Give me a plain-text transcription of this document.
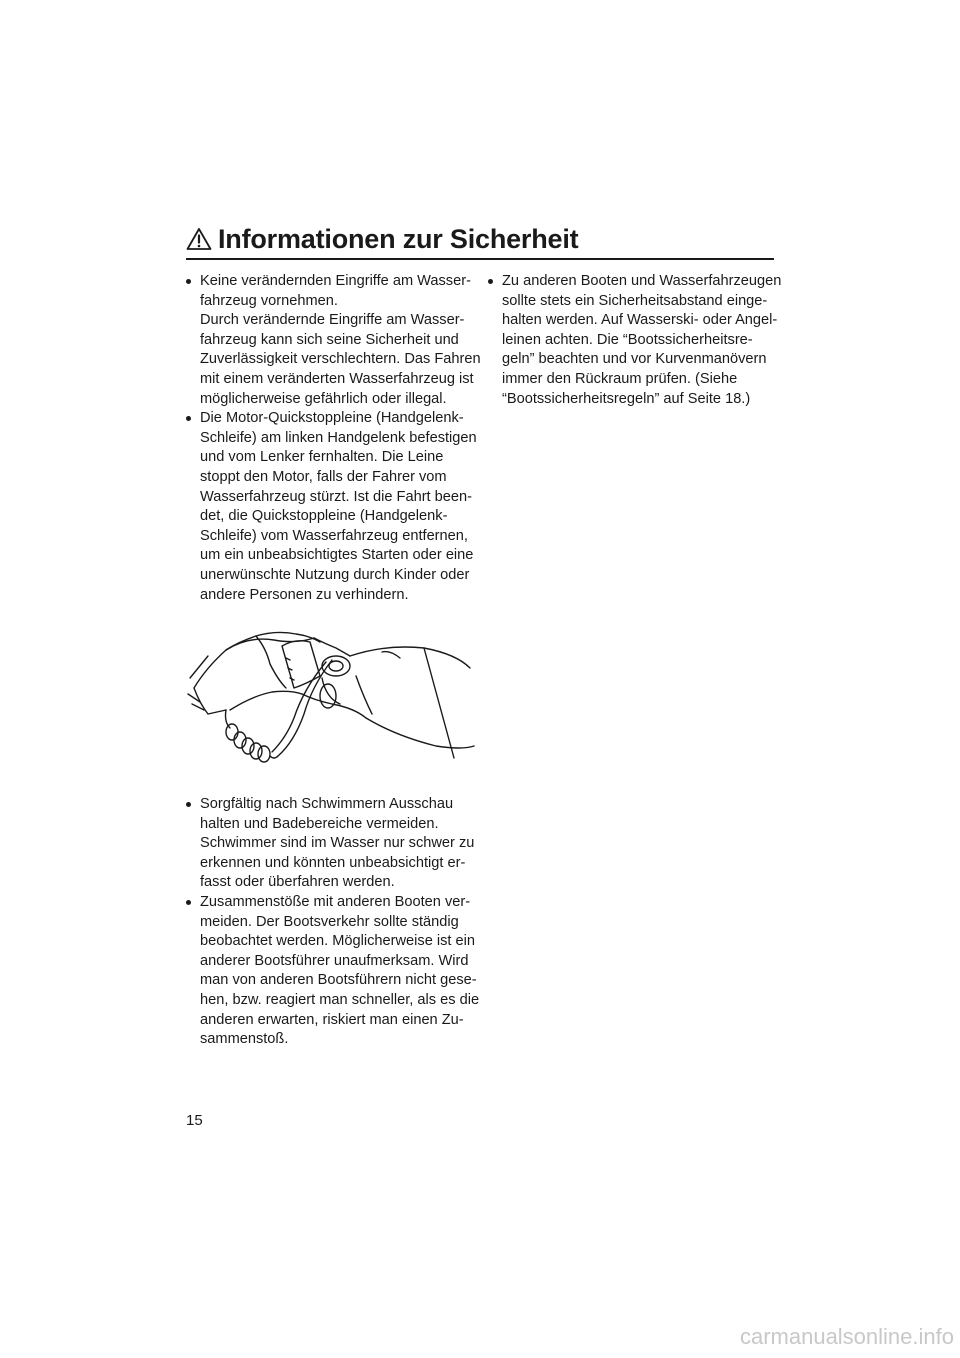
Informationen zur Sicherheit
Keine verändernden Eingriffe am Wasser-
fahrzeug vornehmen.
Durch verändernde Eingriffe am Wasser-
fahrzeug kann sich seine Sicherheit und
Zuverlässigkeit verschlechtern. Das Fahren
mit einem veränderten Wasserfahrzeug ist
möglicherweise gefährlich oder illegal.
Die Motor-Quickstoppleine (Handgelenk-
Schleife) am linken Handgelenk befestigen
und vom Lenker fernhalten. Die Leine
stoppt den Motor, falls der Fahrer vom
Wasserfahrzeug stürzt. Ist die Fahrt been-
det, die Quickstoppleine (Handgelenk-
Schleife) vom Wasserfahrzeug entfernen,
um ein unbeabsichtigtes Starten oder eine
unerwünschte Nutzung durch Kinder oder
andere Personen zu verhindern.
Sorgfältig nach Schwimmern Ausschau
halten und Badebereiche vermeiden.
Schwimmer sind im Wasser nur schwer zu
erkennen und könnten unbeabsichtigt er-
fasst oder überfahren werden.
Zusammenstöße mit anderen Booten ver-
meiden. Der Bootsverkehr sollte ständig
beobachtet werden. Möglicherweise ist ein
anderer Bootsführer unaufmerksam. Wird
man von anderen Bootsführern nicht gese-
hen, bzw. reagiert man schneller, als es die
anderen erwarten, riskiert man einen Zu-
sammenstoß.
Zu anderen Booten und Wasserfahrzeugen
sollte stets ein Sicherheitsabstand einge-
halten werden. Auf Wasserski- oder Angel-
leinen achten. Die “Bootssicherheitsre-
geln” beachten und vor Kurvenmanövern
immer den Rückraum prüfen. (Siehe
“Bootssicherheitsregeln” auf Seite 18.)
15
carmanualsonline.info
